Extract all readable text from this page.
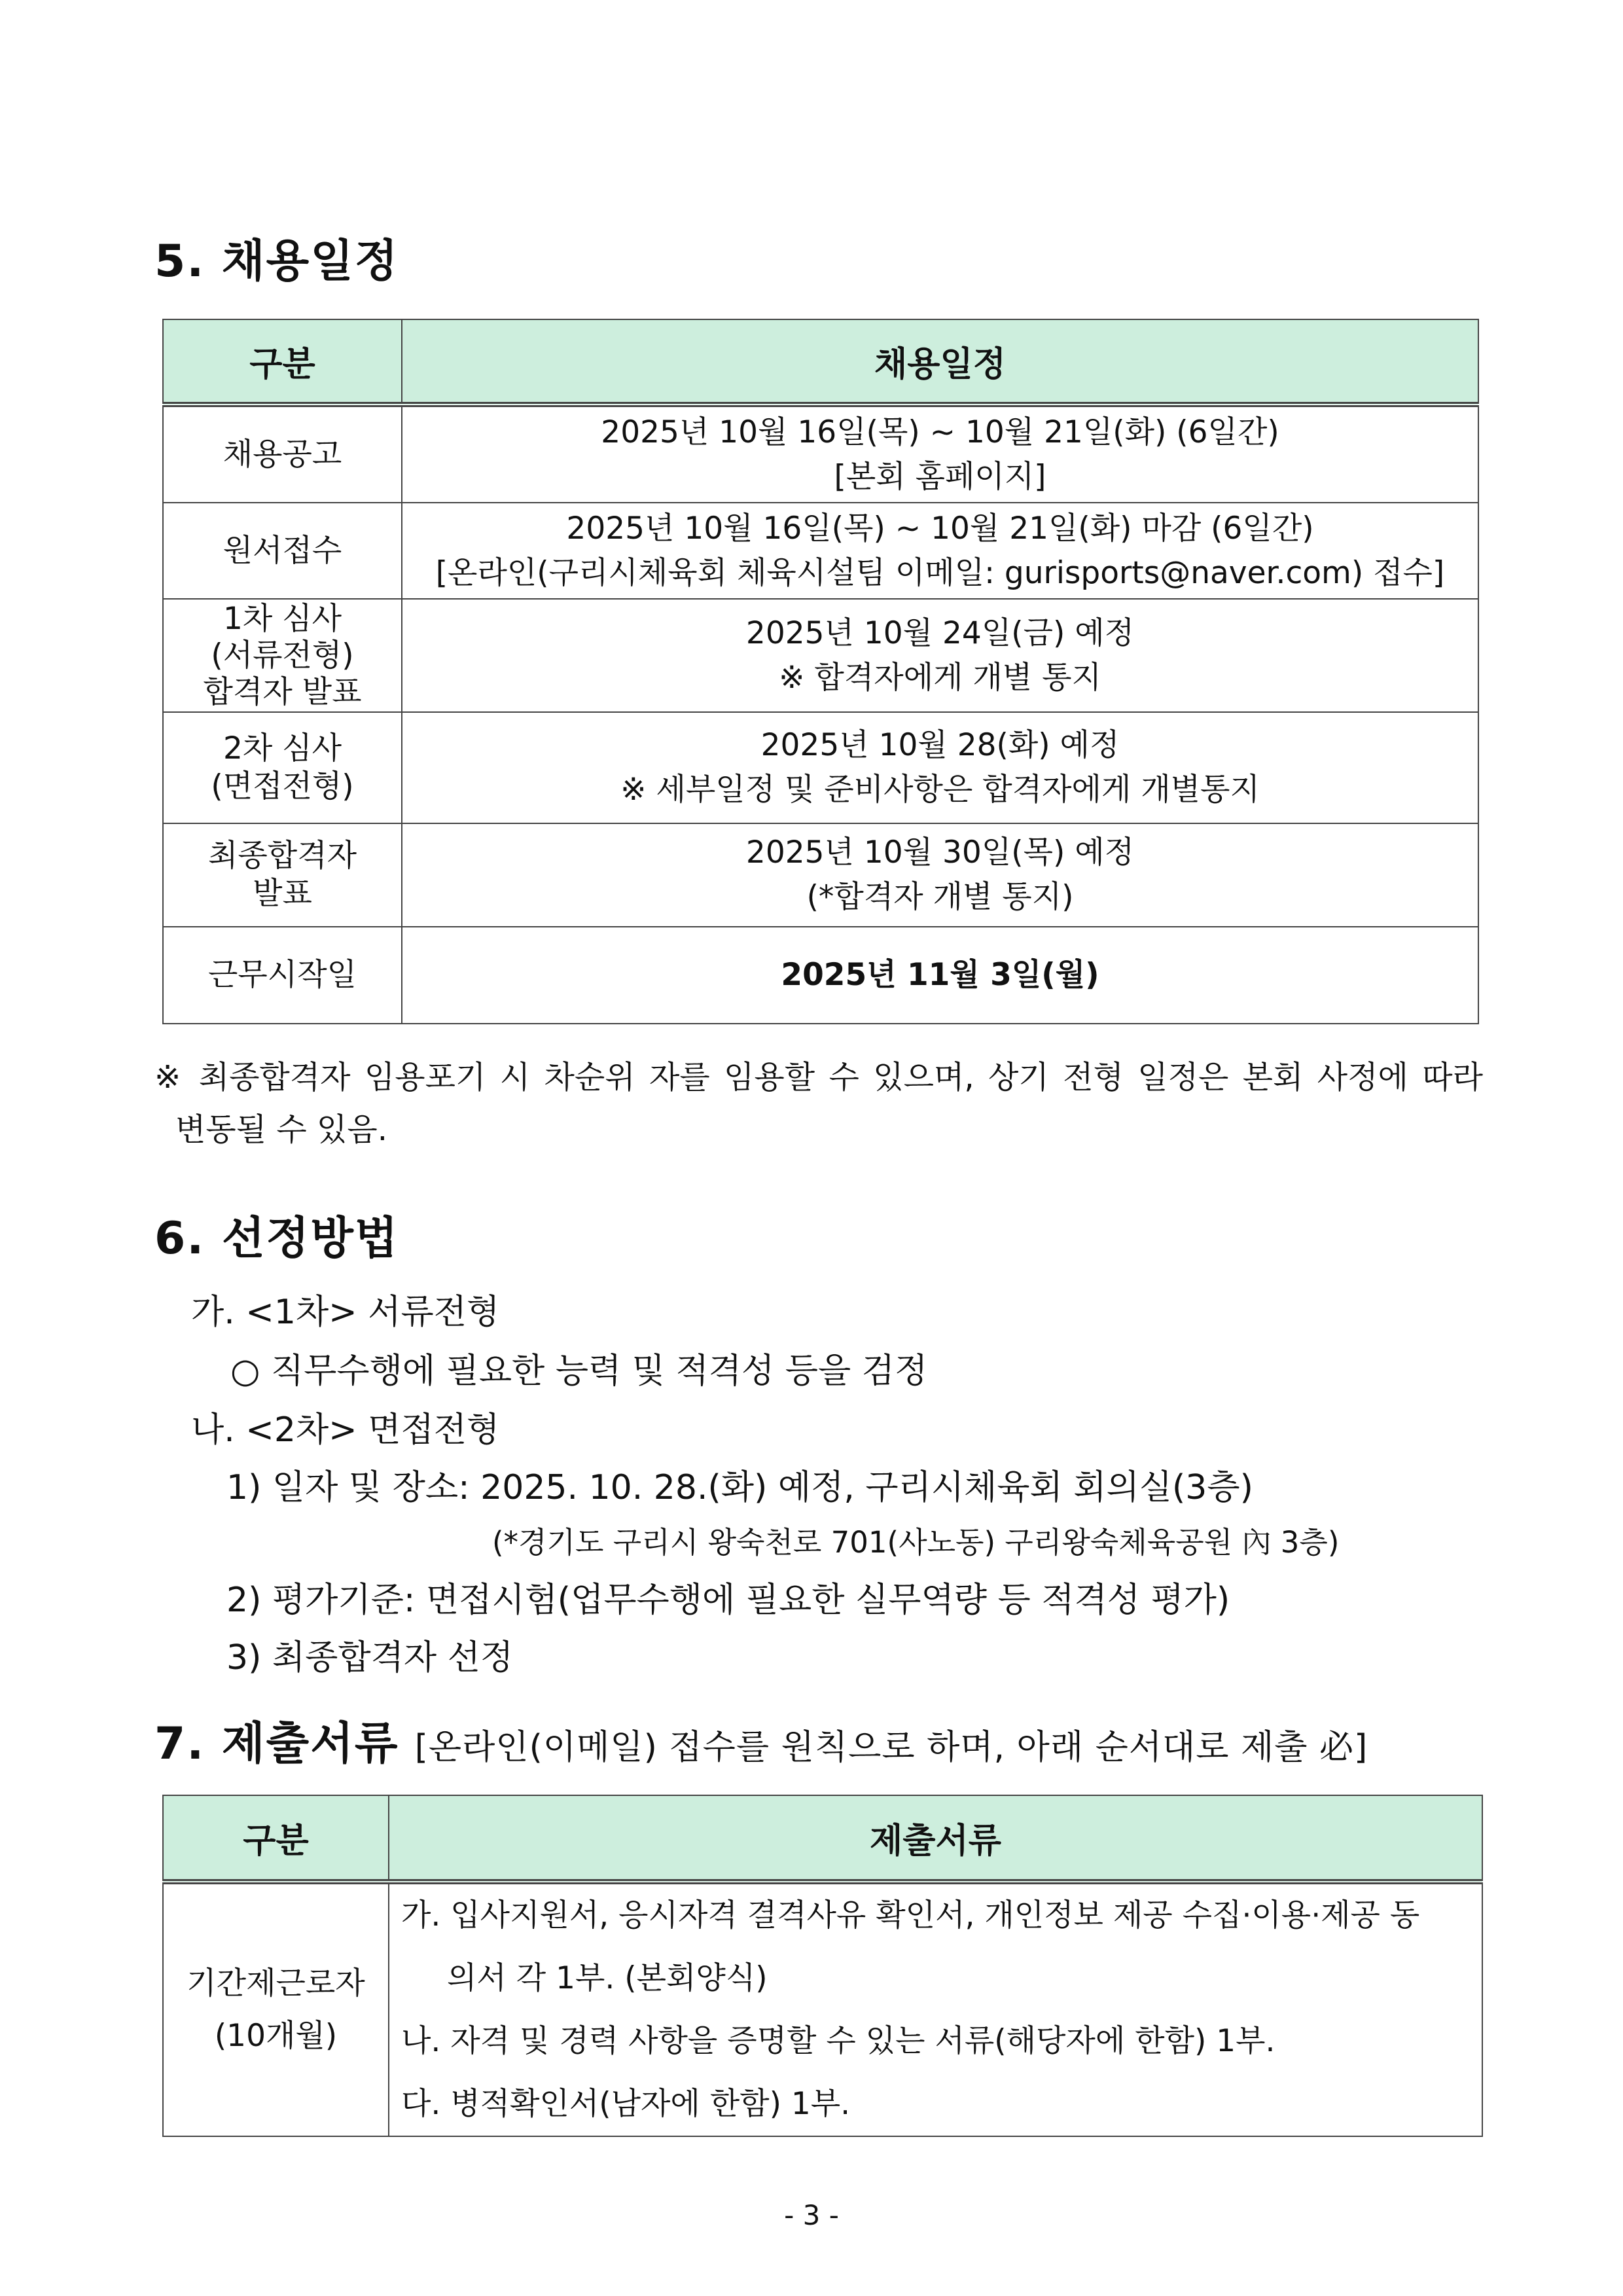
5. 채용일정
구분	채용일정

채용공고	2025년 10월 16일(목) ~ 10월 21일(화) (6일간)
[본회 홈페이지]

원서접수	2025년 10월 16일(목) ~ 10월 21일(화) 마감 (6일간)
[온라인(구리시체육회 체육시설팀 이메일: gurisports@naver.com) 접수]

1차 심사
(서류전형)
합격자 발표	2025년 10월 24일(금) 예정
※ 합격자에게 개별 통지

2차 심사
(면접전형)	2025년 10월 28(화) 예정
※ 세부일정 및 준비사항은 합격자에게 개별통지

최종합격자
발표	2025년 10월 30일(목) 예정
(*합격자 개별 통지)

근무시작일	2025년 11월 3일(월)
※ 최종합격자 임용포기 시 차순위 자를 임용할 수 있으며, 상기 전형 일정은 본회 사정에 따라
변동될 수 있음.
6. 선정방법
가. <1차> 서류전형
○ 직무수행에 필요한 능력 및 적격성 등을 검정
나. <2차> 면접전형
1) 일자 및 장소: 2025. 10. 28.(화) 예정, 구리시체육회 회의실(3층)
(*경기도 구리시 왕숙천로 701(사노동) 구리왕숙체육공원 內 3층)
2) 평가기준: 면접시험(업무수행에 필요한 실무역량 등 적격성 평가)
3) 최종합격자 선정
7. 제출서류 [온라인(이메일) 접수를 원칙으로 하며, 아래 순서대로 제출 必]
구분	제출서류

기간제근로자
(10개월)	가. 입사지원서, 응시자격 결격사유 확인서, 개인정보 제공 수집·이용·제공 동
의서 각 1부. (본회양식)
나. 자격 및 경력 사항을 증명할 수 있는 서류(해당자에 한함) 1부.
다. 병적확인서(남자에 한함) 1부.
- 3 -
